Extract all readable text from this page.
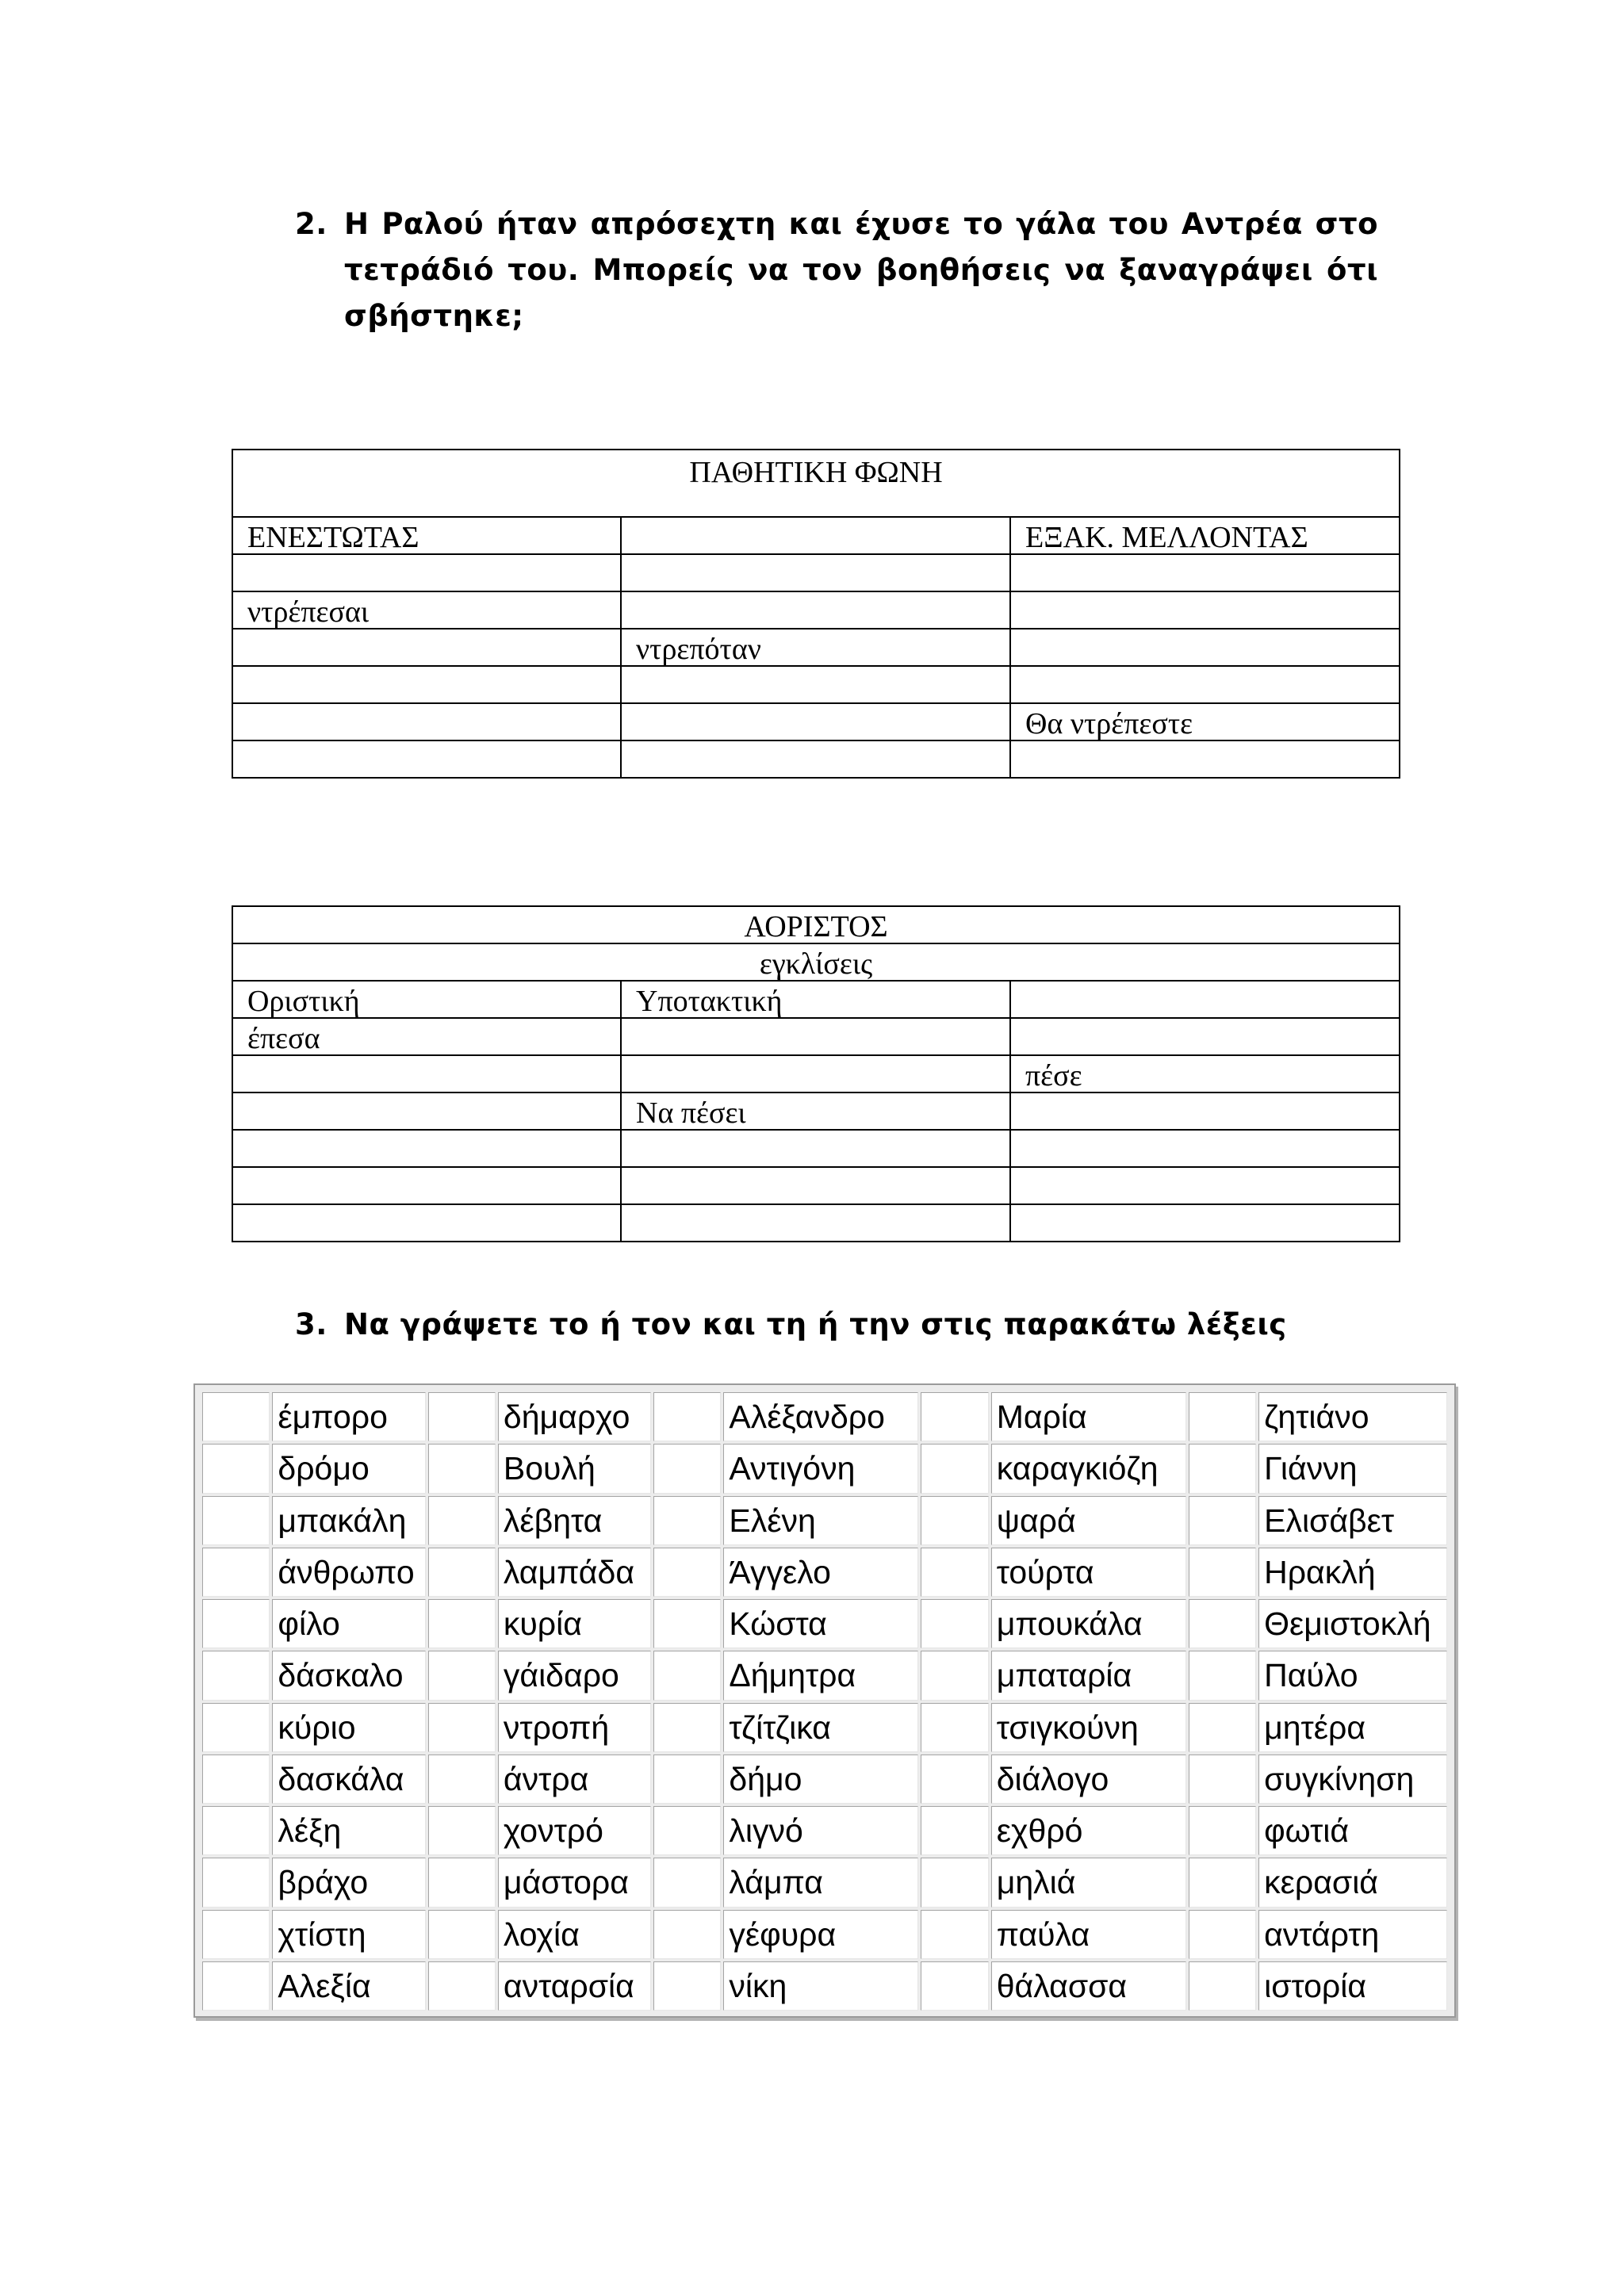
2. Η Ραλού ήταν απρόσεχτη και έχυσε το γάλα του Αντρέα στο τετράδιό του. Μπορείς να τον βοηθήσεις να ξαναγράψει ότι σβήστηκε;
ΠΑΘΗΤΙΚΗ ΦΩΝΗ		
ΕΝΕΣΤΩΤΑΣ		ΕΞΑΚ. ΜΕΛΛΟΝΤΑΣ

ντρέπεσαι		
	ντρεπόταν	

		Θα ντρέπεστε

ΑΟΡΙΣΤΟΣ		
εγκλίσεις		
Οριστική	Υποτακτική	
έπεσα		
		πέσε
	Να πέσει	

3. Να γράψετε το ή τον και τη ή την στις παρακάτω λέξεις
	έμπορο		δήμαρχο		Αλέξανδρο		Μαρία		ζητιάνο
	δρόμο		Βουλή		Αντιγόνη		καραγκιόζη		Γιάννη
	μπακάλη		λέβητα		Ελένη		ψαρά		Ελισάβετ
	άνθρωπο		λαμπάδα		Άγγελο		τούρτα		Ηρακλή
	φίλο		κυρία		Κώστα		μπουκάλα		Θεμιστοκλή
	δάσκαλο		γάιδαρο		Δήμητρα		μπαταρία		Παύλο
	κύριο		ντροπή		τζίτζικα		τσιγκούνη		μητέρα
	δασκάλα		άντρα		δήμο		διάλογο		συγκίνηση
	λέξη		χοντρό		λιγνό		εχθρό		φωτιά
	βράχο		μάστορα		λάμπα		μηλιά		κερασιά
	χτίστη		λοχία		γέφυρα		παύλα		αντάρτη
	Αλεξία		ανταρσία		νίκη		θάλασσα		ιστορία
